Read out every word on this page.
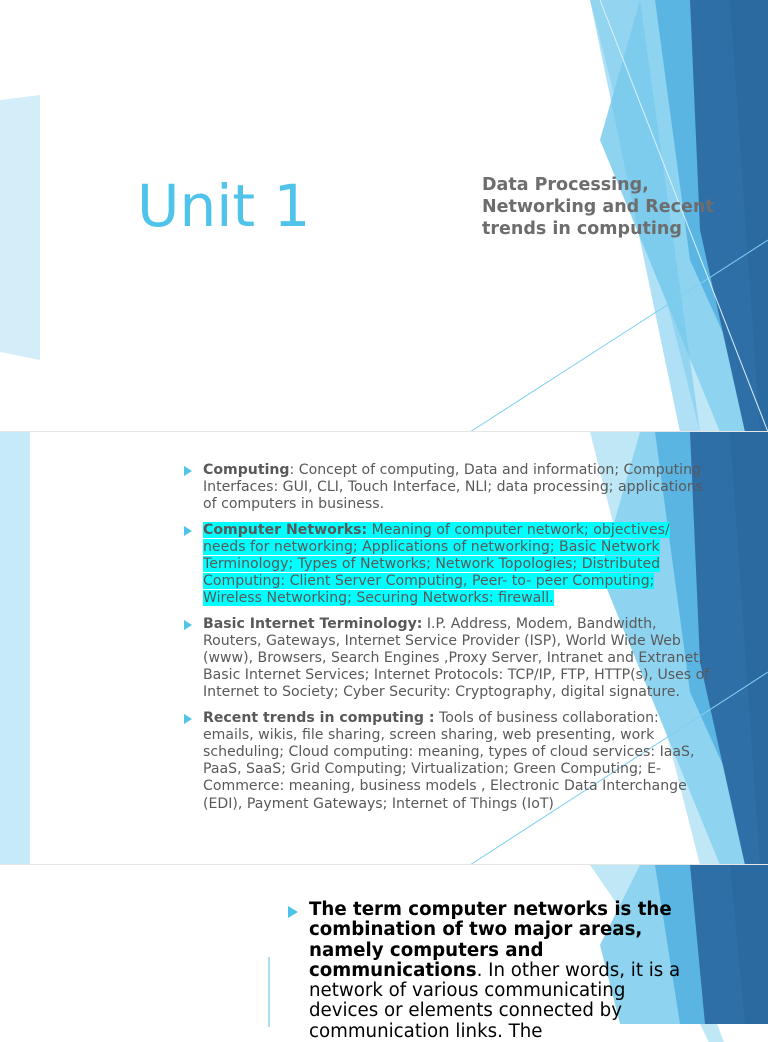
Unit 1	Data Processing, Networking and Recent trends in computing
Computing: Concept of computing, Data and information; Computing Interfaces: GUI, CLI, Touch Interface, NLI; data processing; applications of computers in business.
Computer Networks: Meaning of computer network; objectives/ needs for networking; Applications of networking; Basic Network Terminology; Types of Networks; Network Topologies; Distributed Computing: Client Server Computing, Peer- to- peer Computing; Wireless Networking; Securing Networks: firewall.
Basic Internet Terminology: I.P. Address, Modem, Bandwidth, Routers, Gateways, Internet Service Provider (ISP), World Wide Web (www), Browsers, Search Engines ,Proxy Server, Intranet and Extranet; Basic Internet Services; Internet Protocols: TCP/IP, FTP, HTTP(s), Uses of Internet to Society; Cyber Security: Cryptography, digital signature.
Recent trends in computing : Tools of business collaboration: emails, wikis, file sharing, screen sharing, web presenting, work scheduling; Cloud computing: meaning, types of cloud services: IaaS, PaaS, SaaS; Grid Computing; Virtualization; Green Computing; E-Commerce: meaning, business models , Electronic Data Interchange (EDI), Payment Gateways; Internet of Things (IoT)
The term computer networks is the combination of two major areas, namely computers and communications. In other words, it is a network of various communicating devices or elements connected by communication links. The
